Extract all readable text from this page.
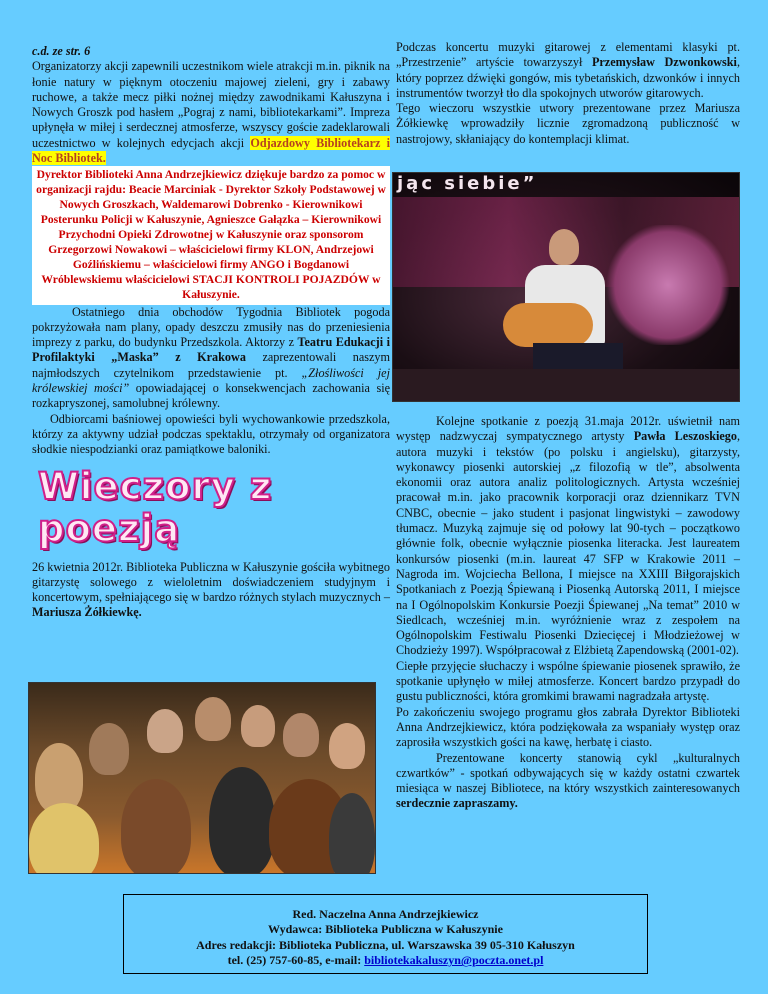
c.d. ze str. 6

Organizatorzy akcji zapewnili uczestnikom wiele atrakcji m.in. piknik na łonie natury w pięknym otoczeniu majowej zieleni, gry i zabawy ruchowe, a także mecz piłki nożnej między zawodnikami Kałuszyna i Nowych Groszk pod hasłem „Pograj z nami, bibliotekarkami”. Impreza upłynęła w miłej i serdecznej atmosferze, wszyscy goście zadeklarowali uczestnictwo w kolejnych edycjach akcji Odjazdowy Bibliotekarz i Noc Bibliotek.

Dyrektor Biblioteki Anna Andrzejkiewicz dziękuje bardzo za pomoc w organizacji rajdu: Beacie Marciniak - Dyrektor Szkoły Podstawowej w Nowych Groszkach, Waldemarowi Dobrenko - Kierownikowi Posterunku Policji w Kałuszynie, Agnieszce Gałązka – Kierownikowi Przychodni Opieki Zdrowotnej w Kałuszynie oraz sponsorom Grzegorzowi Nowakowi – właścicielowi firmy KLON, Andrzejowi Goźlińskiemu – właścicielowi firmy ANGO i Bogdanowi Wróblewskiemu właścicielowi STACJI KONTROLI POJAZDÓW w Kałuszynie.

Ostatniego dnia obchodów Tygodnia Bibliotek pogoda pokrzyżowała nam plany, opady deszczu zmusiły nas do przeniesienia imprezy z parku, do budynku Przedszkola. Aktorzy z Teatru Edukacji i Profilaktyki „Maska” z Krakowa zaprezentowali naszym najmłodszych czytelnikom przedstawienie pt. „Złośliwości jej królewskiej mości” opowiadającej o konsekwencjach zachowania się rozkapryszonej, samolubnej królewny.

Odbiorcami baśniowej opowieści byli wychowankowie przedszkola, którzy za aktywny udział podczas spektaklu, otrzymały od organizatora słodkie niespodzianki oraz pamiątkowe baloniki.

Wieczory z poezją

26 kwietnia 2012r. Biblioteka Publiczna w Kałuszynie gościła wybitnego gitarzystę solowego z wieloletnim doświadczeniem studyjnym i koncertowym, spełniającego się w bardzo różnych stylach muzycznych – Mariusza Żółkiewkę.

Podczas koncertu muzyki gitarowej z elementami klasyki pt. „Przestrzenie” artyście towarzyszył Przemysław Dzwonkowski, który poprzez dźwięki gongów, mis tybetańskich, dzwonków i innych instrumentów tworzył tło dla spokojnych utworów gitarowych.

Tego wieczoru wszystkie utwory prezentowane przez Mariusza Żółkiewkę wprowadziły licznie zgromadzoną publiczność w nastrojowy, skłaniający do kontemplacji klimat.

jąc siebie”

Kolejne spotkanie z poezją 31.maja 2012r. uświetnił nam występ nadzwyczaj sympatycznego artysty Pawła Leszoskiego, autora muzyki i tekstów (po polsku i angielsku), gitarzysty, wykonawcy piosenki autorskiej „z filozofią w tle”, absolwenta ekonomii oraz autora analiz politologicznych. Artysta wcześniej pracował m.in. jako pracownik korporacji oraz dziennikarz TVN CNBC, obecnie – jako student i pasjonat lingwistyki – zawodowy tłumacz. Muzyką zajmuje się od połowy lat 90-tych – początkowo głównie folk, obecnie wyłącznie piosenka literacka. Jest laureatem konkursów piosenki (m.in. laureat 47 SFP w Krakowie 2011 – Nagroda im. Wojciecha Bellona, I miejsce na XXIII Biłgorajskich Spotkaniach z Poezją Śpiewaną i Piosenką Autorską 2011, I miejsce na I Ogólnopolskim Konkursie Poezji Śpiewanej „Na temat” 2010 w Siedlcach, wcześniej m.in. wyróżnienie wraz z zespołem na Ogólnopolskim Festiwalu Piosenki Dziecięcej i Młodzieżowej w Chodzieży 1997). Współpracował z Elżbietą Zapendowską (2001-02).

Ciepłe przyjęcie słuchaczy i wspólne śpiewanie piosenek sprawiło, że spotkanie upłynęło w miłej atmosferze. Koncert bardzo przypadł do gustu publiczności, która gromkimi brawami nagradzała artystę.

Po zakończeniu swojego programu głos zabrała Dyrektor Biblioteki Anna Andrzejkiewicz, która podziękowała za wspaniały występ oraz zaprosiła wszystkich gości na kawę, herbatę i ciasto.

Prezentowane koncerty stanowią cykl „kulturalnych czwartków” - spotkań odbywających się w każdy ostatni czwartek miesiąca w naszej Bibliotece, na który wszystkich zainteresowanych serdecznie zapraszamy.

Red. Naczelna Anna Andrzejkiewicz
Wydawca: Biblioteka Publiczna w Kałuszynie
Adres redakcji: Biblioteka Publiczna, ul. Warszawska 39 05-310 Kałuszyn
tel. (25) 757-60-85, e-mail: bibliotekakaluszyn@poczta.onet.pl
